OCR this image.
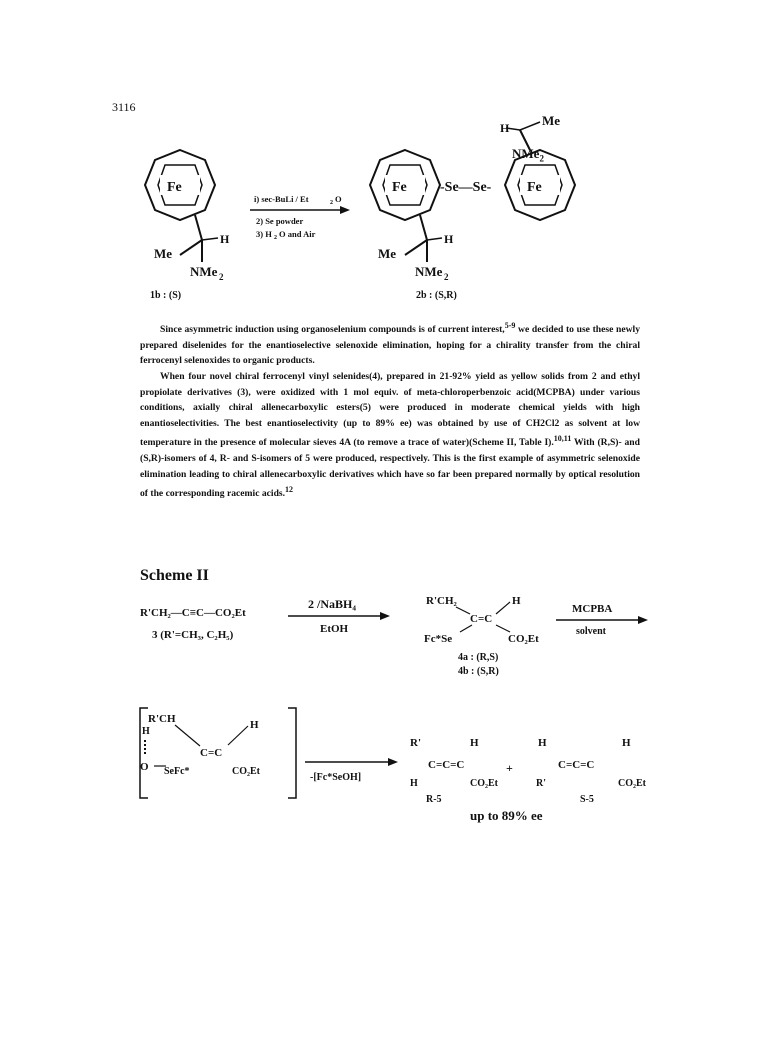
3116
Fe
H
Me
NMe 2
1b : (S)
i) sec-BuLi / Et	2 O
2) Se powder
3) H 2 O and Air
Fe -Se—Se-	Fe
H	Me
H
Me
NMe 2
2b : (S,R)
NMe$_2$

Since asymmetric induction using organoselenium compounds is of current interest,$^{5-9}$ we decided to use these newly prepared diselenides for the enantioselective selenoxide elimination, hoping for a chirality transfer from the chiral ferrocenyl selenoxides to organic products.

When four novel chiral ferrocenyl vinyl selenides(4), prepared in 21-92% yield as yellow solids from 2 and ethyl propiolate derivatives (3), were oxidized with 1 mol equiv. of meta-chloroperbenzoic acid(MCPBA) under various conditions, axially chiral allenecarboxylic esters(5) were produced in moderate chemical yields with high enantioselectivities. The best enantioselectivity (up to 89% ee) was obtained by use of CH2Cl2 as solvent at low temperature in the presence of molecular sieves 4A (to remove a trace of water)(Scheme II, Table I).$^{10,11}$ With (R,S)- and (S,R)-isomers of 4, R- and S-isomers of 5 were produced, respectively. This is the first example of asymmetric selenoxide elimination leading to chiral allenecarboxylic derivatives which have so far been prepared normally by optical resolution of the corresponding racemic acids.$^{12}$

Scheme II
R'CH₂—C≡C—CO₂Et
3 (R'=CH₃, C₂H₅)
2 /NaBH₄
EtOH
R'CH₂	H
C=C
Fc*Se	CO₂Et
4a : (R,S)
4b : (S,R)
MCPBA
solvent
R'CH
H
H
C=C
O SeFc*	CO₂Et
-[Fc*SeOH]
R'	H
C=C=C
H	CO₂Et
R-5
+
H	H
C=C=C
R'	CO₂Et
S-5
up to 89% ee
